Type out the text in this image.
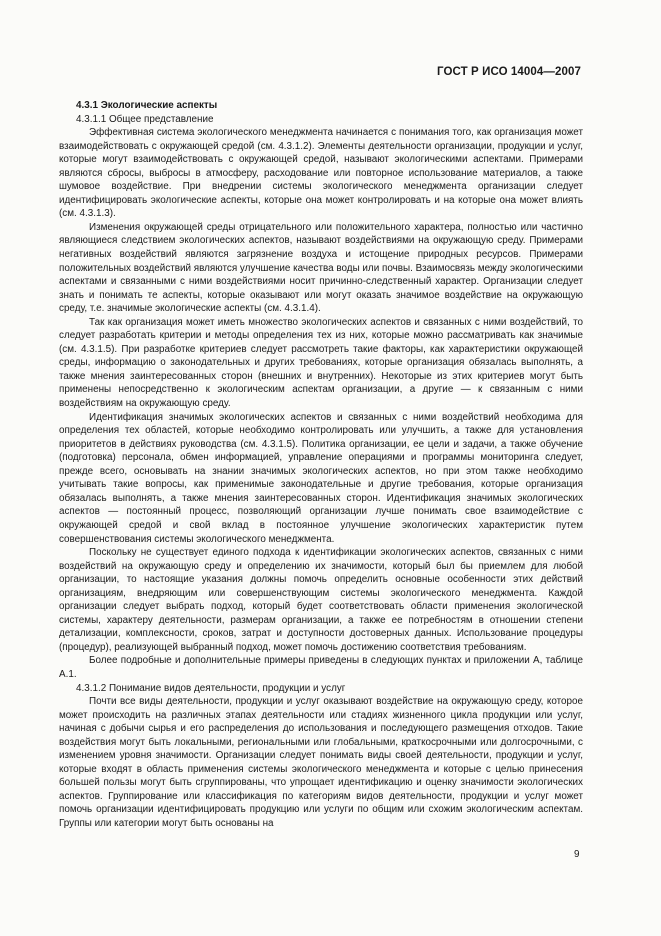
ГОСТ Р ИСО 14004—2007

4.3.1 Экологические аспекты

4.3.1.1 Общее представление

Эффективная система экологического менеджмента начинается с понимания того, как организация может взаимодействовать с окружающей средой (см. 4.3.1.2). Элементы деятельности организации, продукции и услуг, которые могут взаимодействовать с окружающей средой, называют экологическими аспектами. Примерами являются сбросы, выбросы в атмосферу, расходование или повторное использование материалов, а также шумовое воздействие. При внедрении системы экологического менеджмента организации следует идентифицировать экологические аспекты, которые она может контролировать и на которые она может влиять (см. 4.3.1.3).

Изменения окружающей среды отрицательного или положительного характера, полностью или частично являющиеся следствием экологических аспектов, называют воздействиями на окружающую среду. Примерами негативных воздействий являются загрязнение воздуха и истощение природных ресурсов. Примерами положительных воздействий являются улучшение качества воды или почвы. Взаимосвязь между экологическими аспектами и связанными с ними воздействиями носит причинно-следственный характер. Организации следует знать и понимать те аспекты, которые оказывают или могут оказать значимое воздействие на окружающую среду, т.е. значимые экологические аспекты (см. 4.3.1.4).

Так как организация может иметь множество экологических аспектов и связанных с ними воздействий, то следует разработать критерии и методы определения тех из них, которые можно рассматривать как значимые (см. 4.3.1.5). При разработке критериев следует рассмотреть такие факторы, как характеристики окружающей среды, информацию о законодательных и других требованиях, которые организация обязалась выполнять, а также мнения заинтересованных сторон (внешних и внутренних). Некоторые из этих критериев могут быть применены непосредственно к экологическим аспектам организации, а другие — к связанным с ними воздействиям на окружающую среду.

Идентификация значимых экологических аспектов и связанных с ними воздействий необходима для определения тех областей, которые необходимо контролировать или улучшить, а также для установления приоритетов в действиях руководства (см. 4.3.1.5). Политика организации, ее цели и задачи, а также обучение (подготовка) персонала, обмен информацией, управление операциями и программы мониторинга следует, прежде всего, основывать на знании значимых экологических аспектов, но при этом также необходимо учитывать такие вопросы, как применимые законодательные и другие требования, которые организация обязалась выполнять, а также мнения заинтересованных сторон. Идентификация значимых экологических аспектов — постоянный процесс, позволяющий организации лучше понимать свое взаимодействие с окружающей средой и свой вклад в постоянное улучшение экологических характеристик путем совершенствования системы экологического менеджмента.

Поскольку не существует единого подхода к идентификации экологических аспектов, связанных с ними воздействий на окружающую среду и определению их значимости, который был бы приемлем для любой организации, то настоящие указания должны помочь определить основные особенности этих действий организациям, внедряющим или совершенствующим системы экологического менеджмента. Каждой организации следует выбрать подход, который будет соответствовать области применения экологической системы, характеру деятельности, размерам организации, а также ее потребностям в отношении степени детализации, комплексности, сроков, затрат и доступности достоверных данных. Использование процедуры (процедур), реализующей выбранный подход, может помочь достижению соответствия требованиям.

Более подробные и дополнительные примеры приведены в следующих пунктах и приложении А, таблице А.1.

4.3.1.2 Понимание видов деятельности, продукции и услуг

Почти все виды деятельности, продукции и услуг оказывают воздействие на окружающую среду, которое может происходить на различных этапах деятельности или стадиях жизненного цикла продукции или услуг, начиная с добычи сырья и его распределения до использования и последующего размещения отходов. Такие воздействия могут быть локальными, региональными или глобальными, краткосрочными или долгосрочными, с изменением уровня значимости. Организации следует понимать виды своей деятельности, продукции и услуг, которые входят в область применения системы экологического менеджмента и которые с целью принесения большей пользы могут быть сгруппированы, что упрощает идентификацию и оценку значимости экологических аспектов. Группирование или классификация по категориям видов деятельности, продукции и услуг может помочь организации идентифицировать продукцию или услуги по общим или схожим экологическим аспектам. Группы или категории могут быть основаны на

9
